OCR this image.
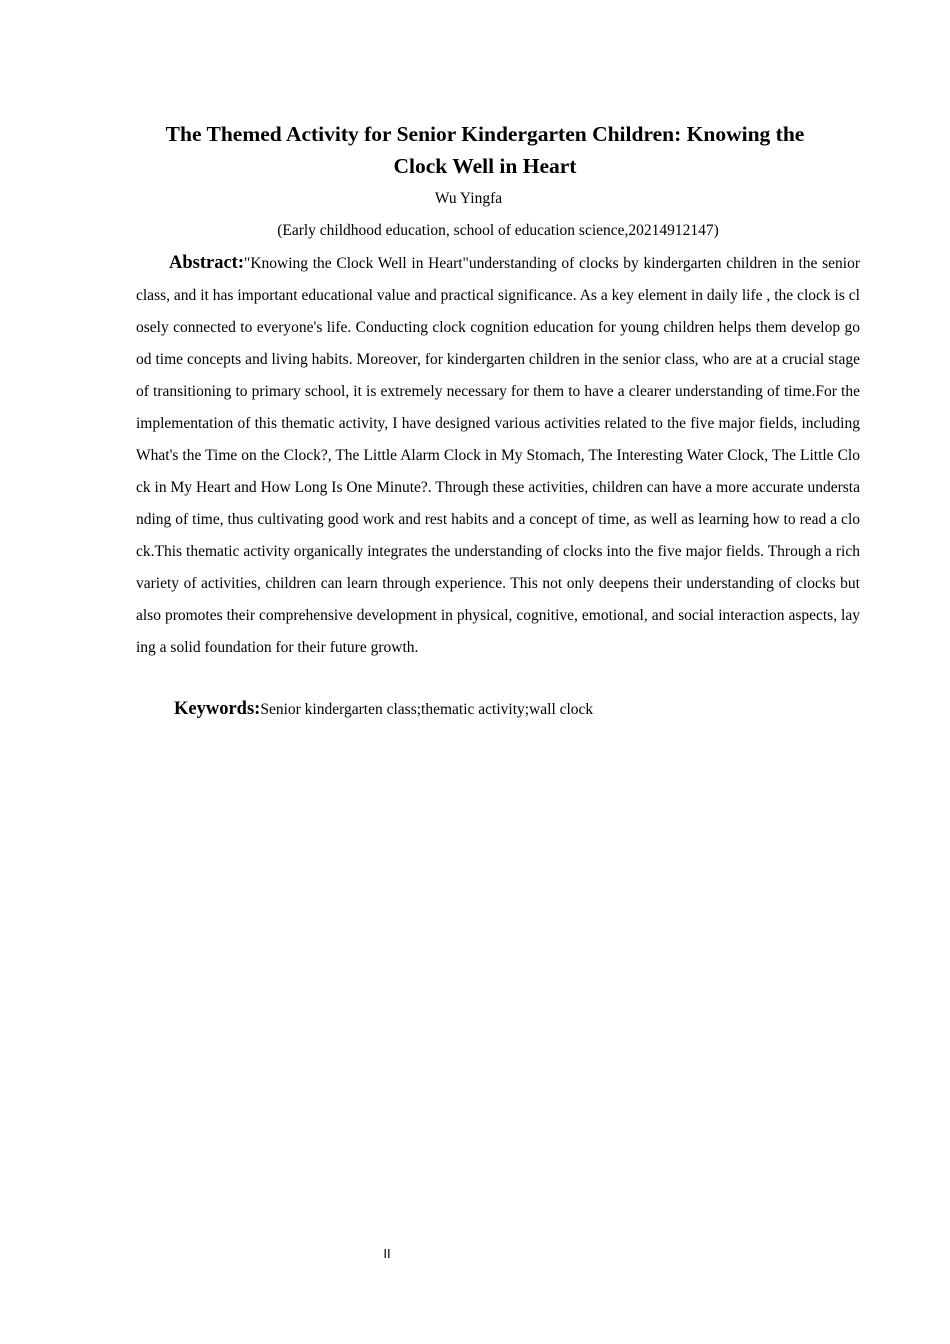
The Themed Activity for Senior Kindergarten Children: Knowing the Clock Well in Heart
Wu Yingfa
(Early childhood education, school of education science,20214912147)

Abstract:"Knowing the Clock Well in Heart"understanding of clocks by kindergarten children in the senior class, and it has important educational value and practical significance. As a key element in daily life , the clock is closely connected to everyone's life. Conducting clock cognition education for young children helps them develop good time concepts and living habits. Moreover, for kindergarten children in the senior class, who are at a crucial stage of transitioning to primary school, it is extremely necessary for them to have a clearer understanding of time.For the implementation of this thematic activity, I have designed various activities related to the five major fields, including What's the Time on the Clock?, The Little Alarm Clock in My Stomach, The Interesting Water Clock, The Little Clock in My Heart and How Long Is One Minute?. Through these activities, children can have a more accurate understanding of time, thus cultivating good work and rest habits and a concept of time, as well as learning how to read a clock.This thematic activity organically integrates the understanding of clocks into the five major fields. Through a rich variety of activities, children can learn through experience. This not only deepens their understanding of clocks but also promotes their comprehensive development in physical, cognitive, emotional, and social interaction aspects, laying a solid foundation for their future growth.

Keywords:Senior kindergarten class;thematic activity;wall clock
II
